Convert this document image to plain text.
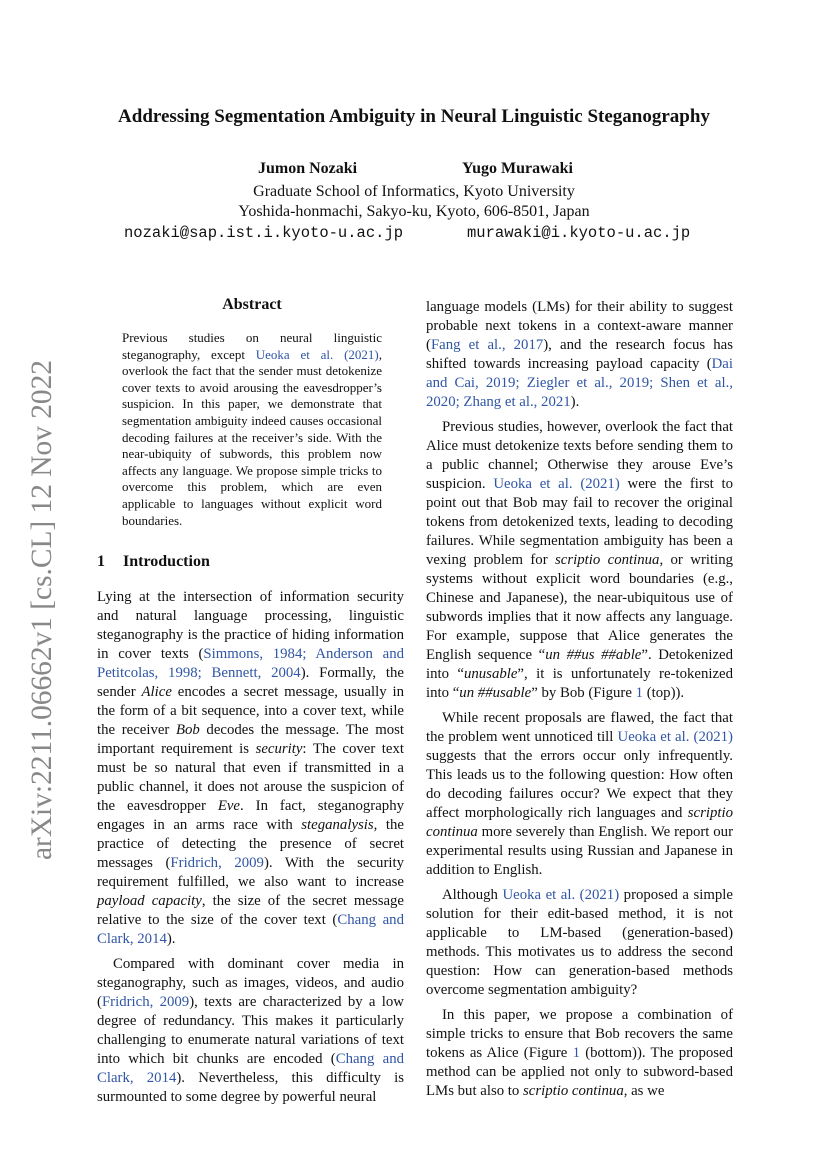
arXiv:2211.06662v1 [cs.CL] 12 Nov 2022
Addressing Segmentation Ambiguity in Neural Linguistic Steganography
Jumon Nozaki	Yugo Murawaki
Graduate School of Informatics, Kyoto University
Yoshida-honmachi, Sakyo-ku, Kyoto, 606-8501, Japan
nozaki@sap.ist.i.kyoto-u.ac.jp	murawaki@i.kyoto-u.ac.jp
Abstract
Previous studies on neural linguistic steganography, except Ueoka et al. (2021), overlook the fact that the sender must detokenize cover texts to avoid arousing the eavesdropper’s suspicion. In this paper, we demonstrate that segmentation ambiguity indeed causes occasional decoding failures at the receiver’s side. With the near-ubiquity of subwords, this problem now affects any language. We propose simple tricks to overcome this problem, which are even applicable to languages without explicit word boundaries.
1 Introduction

Lying at the intersection of information security and natural language processing, linguistic steganography is the practice of hiding information in cover texts (Simmons, 1984; Anderson and Petitcolas, 1998; Bennett, 2004). Formally, the sender Alice encodes a secret message, usually in the form of a bit sequence, into a cover text, while the receiver Bob decodes the message. The most important requirement is security: The cover text must be so natural that even if transmitted in a public channel, it does not arouse the suspicion of the eavesdropper Eve. In fact, steganography engages in an arms race with steganalysis, the practice of detecting the presence of secret messages (Fridrich, 2009). With the security requirement fulfilled, we also want to increase payload capacity, the size of the secret message relative to the size of the cover text (Chang and Clark, 2014).

Compared with dominant cover media in steganography, such as images, videos, and audio (Fridrich, 2009), texts are characterized by a low degree of redundancy. This makes it particularly challenging to enumerate natural variations of text into which bit chunks are encoded (Chang and Clark, 2014). Nevertheless, this difficulty is surmounted to some degree by powerful neural

language models (LMs) for their ability to suggest probable next tokens in a context-aware manner (Fang et al., 2017), and the research focus has shifted towards increasing payload capacity (Dai and Cai, 2019; Ziegler et al., 2019; Shen et al., 2020; Zhang et al., 2021).

Previous studies, however, overlook the fact that Alice must detokenize texts before sending them to a public channel; Otherwise they arouse Eve’s suspicion. Ueoka et al. (2021) were the first to point out that Bob may fail to recover the original tokens from detokenized texts, leading to decoding failures. While segmentation ambiguity has been a vexing problem for scriptio continua, or writing systems without explicit word boundaries (e.g., Chinese and Japanese), the near-ubiquitous use of subwords implies that it now affects any language. For example, suppose that Alice generates the English sequence “un ##us ##able”. Detokenized into “unusable”, it is unfortunately re-tokenized into “un ##usable” by Bob (Figure 1 (top)).

While recent proposals are flawed, the fact that the problem went unnoticed till Ueoka et al. (2021) suggests that the errors occur only infrequently. This leads us to the following question: How often do decoding failures occur? We expect that they affect morphologically rich languages and scriptio continua more severely than English. We report our experimental results using Russian and Japanese in addition to English.

Although Ueoka et al. (2021) proposed a simple solution for their edit-based method, it is not applicable to LM-based (generation-based) methods. This motivates us to address the second question: How can generation-based methods overcome segmentation ambiguity?

In this paper, we propose a combination of simple tricks to ensure that Bob recovers the same tokens as Alice (Figure 1 (bottom)). The proposed method can be applied not only to subword-based LMs but also to scriptio continua, as we
